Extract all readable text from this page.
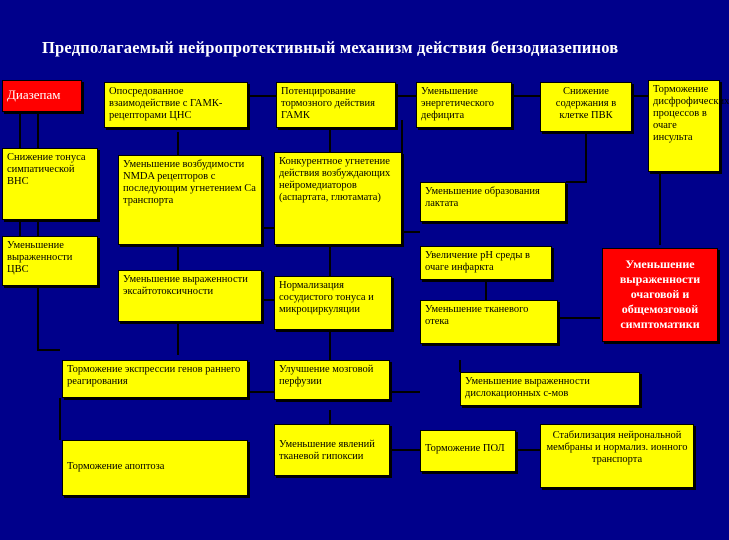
Предполагаемый нейропротективный механизм действия бензодиазепинов
Диазепам	Опосредованное взаимодействие с ГАМК-рецепторами ЦНС
Потенцирование тормозного действия ГАМК
Уменьшение энергетического дефицита
Снижение содержания в клетке ПВК
Торможение дисфрофических процессов в очаге инсульта
Снижение тонуса симпатической ВНС
Уменьшение возбудимости NMDA рецепторов с последующим угнетением Са транспорта
Конкурентное угнетение действия возбуждающих нейромедиаторов (аспартата, глютамата)
Уменьшение образования лактата
Уменьшение выраженности ЦВС
Увеличение рН среды в очаге инфаркта	Уменьшение выраженности очаговой и общемозговой симптоматики
Уменьшение выраженности эксайтотоксичности
Нормализация сосудистого тонуса и микроциркуляции	Уменьшение тканевого отека
Торможение экспрессии генов раннего реагирования
Улучшение мозговой перфузии	Уменьшение выраженности дислокационных с-мов
Торможение апоптоза
Уменьшение явлений тканевой гипоксии
Торможение ПОЛ
Стабилизация нейрональной мембраны и нормализ. ионного транспорта
